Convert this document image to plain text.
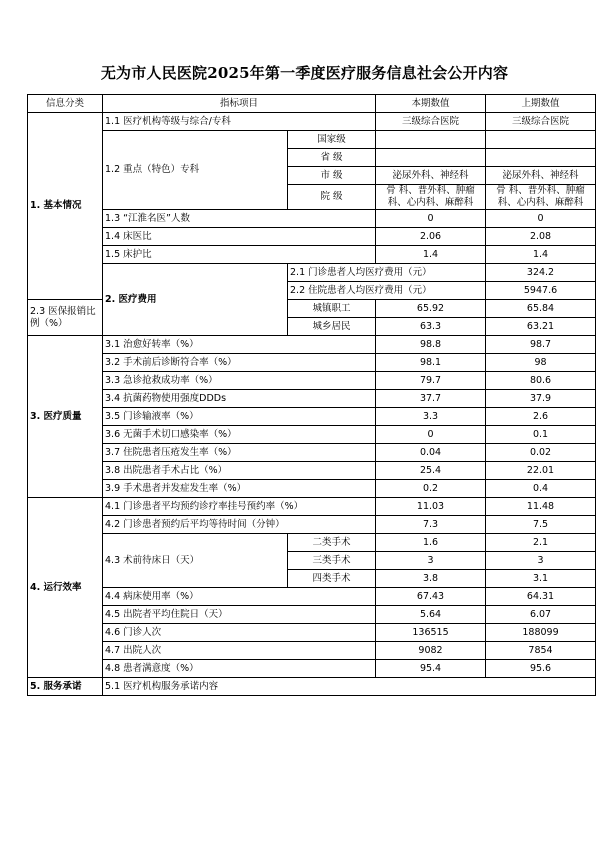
无为市人民医院2025年第一季度医疗服务信息社会公开内容
信息分类	指标项目		本期数值	上期数值	
1. 基本情况	1.1 医疗机构等级与综合/专科		三级综合医院	三级综合医院	
	1.2 重点（特色）专科	国家级			
		省 级			
		市 级	泌尿外科、神经科	泌尿外科、神经科	
		院 级	骨 科、普外科、肿瘤科、心内科、麻醉科	骨 科、普外科、肿瘤科、心内科、麻醉科	
	1.3 “江淮名医”人数		0	0	
	1.4 床医比		2.06	2.08	
	1.5 床护比		1.4	1.4	
	2. 医疗费用	2.1 门诊患者人均医疗费用（元）		324.2	
		2.2 住院患者人均医疗费用（元）		5947.6	
2.3 医保报销比例（%）		城镇职工	65.92	65.84	
		城乡居民	63.3	63.21	
3. 医疗质量	3.1 治愈好转率（%）		98.8	98.7	
	3.2 手术前后诊断符合率（%）		98.1	98	
	3.3 急诊抢救成功率（%）		79.7	80.6	
	3.4 抗菌药物使用强度DDDs		37.7	37.9	
	3.5 门诊输液率（%）		3.3	2.6	
	3.6 无菌手术切口感染率（%）		0	0.1	
	3.7 住院患者压疮发生率（%）		0.04	0.02	
	3.8 出院患者手术占比（%）		25.4	22.01	
	3.9 手术患者并发症发生率（%）		0.2	0.4	
4. 运行效率	4.1 门诊患者平均预约诊疗率挂号预约率（%）		11.03	11.48	
	4.2 门诊患者预约后平均等待时间（分钟）		7.3	7.5	
	4.3 术前待床日（天）	二类手术	1.6	2.1	
		三类手术	3	3	
		四类手术	3.8	3.1	
	4.4 病床使用率（%）		67.43	64.31	
	4.5 出院者平均住院日（天）		5.64	6.07	
	4.6 门诊人次		136515	188099	
	4.7 出院人次		9082	7854	
	4.8 患者满意度（%）		95.4	95.6	
5. 服务承诺	5.1 医疗机构服务承诺内容				
